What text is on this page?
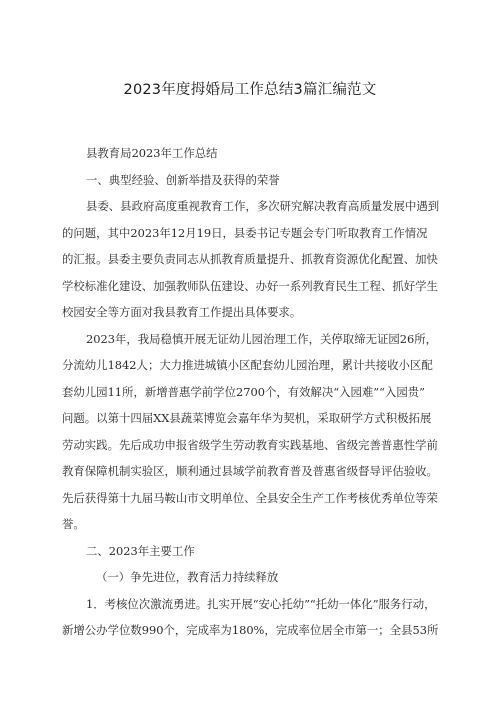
2023年度拇婚局工作总结3篇汇编范文
县教育局2023年工作总结
一、典型经验、创新举措及获得的荣誉
县委、县政府高度重视教育工作，多次研究解决教育高质量发展中遇到
的问题，其中2023年12月19日，县委书记专题会专门听取教育工作情况
的汇报。县委主要负责同志从抓教育质量提升、抓教育资源优化配置、加快
学校标准化建设、加强教师队伍建设、办好一系列教育民生工程、抓好学生
校园安全等方面对我县教育工作提出具体要求。
2023年，我局稳慎开展无证幼儿园治理工作，关停取缔无证园26所，
分流幼儿1842人；大力推进城镇小区配套幼儿园治理，累计共接收小区配
套幼儿园11所，新增普惠学前学位2700个，有效解决“入园难”“入园贵”
问题。以第十四届XX县蔬菜博览会嘉年华为契机，采取研学方式积极拓展
劳动实践。先后成功申报省级学生劳动教育实践基地、省级完善普惠性学前
教育保障机制实验区，顺利通过县域学前教育普及普惠省级督导评估验收。
先后获得第十九届马鞍山市文明单位、全县安全生产工作考核优秀单位等荣
誉。
二、2023年主要工作
（一）争先进位，教育活力持续释放
1．考核位次激流勇进。扎实开展“安心托幼”“托幼一体化”服务行动，
新增公办学位数990个，完成率为180%，完成率位居全市第一；全县53所
